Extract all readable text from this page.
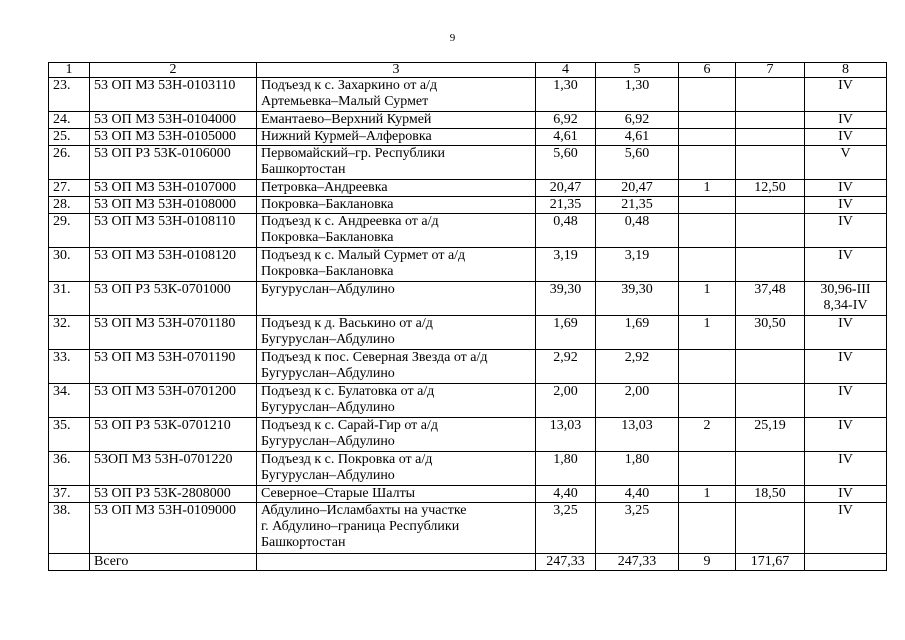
9
1	2	3	4	5	6	7	8
23.	53 ОП МЗ 53Н-0103110	Подъезд к с. Захаркино от а/д
Артемьевка–Малый Сурмет	1,30	1,30			IV

24.	53 ОП МЗ 53Н-0104000	Емантаево–Верхний Курмей	6,92	6,92			IV

25.	53 ОП МЗ 53Н-0105000	Нижний Курмей–Алферовка	4,61	4,61			IV

26.	53 ОП РЗ 53К-0106000	Первомайский–гр. Республики
Башкортостан	5,60	5,60			V

27.	53 ОП МЗ 53Н-0107000	Петровка–Андреевка	20,47	20,47	1	12,50	IV

28.	53 ОП МЗ 53Н-0108000	Покровка–Баклановка	21,35	21,35			IV

29.	53 ОП МЗ 53Н-0108110	Подъезд к с. Андреевка от а/д
Покровка–Баклановка	0,48	0,48			IV

30.	53 ОП МЗ 53Н-0108120	Подъезд к с. Малый Сурмет от а/д
Покровка–Баклановка	3,19	3,19			IV

31.	53 ОП РЗ 53К-0701000	Бугуруслан–Абдулино	39,30	39,30	1	37,48	30,96-III
8,34-IV

32.	53 ОП МЗ 53Н-0701180	Подъезд к д. Васькино от а/д
Бугуруслан–Абдулино	1,69	1,69	1	30,50	IV

33.	53 ОП МЗ 53Н-0701190	Подъезд к пос. Северная Звезда от а/д
Бугуруслан–Абдулино	2,92	2,92			IV

34.	53 ОП МЗ 53Н-0701200	Подъезд к с. Булатовка от а/д
Бугуруслан–Абдулино	2,00	2,00			IV

35.	53 ОП РЗ 53К-0701210	Подъезд к с. Сарай-Гир от а/д
Бугуруслан–Абдулино	13,03	13,03	2	25,19	IV

36.	53ОП МЗ 53Н-0701220	Подъезд к с. Покровка от а/д
Бугуруслан–Абдулино	1,80	1,80			IV

37.	53 ОП РЗ 53К-2808000	Северное–Старые Шалты	4,40	4,40	1	18,50	IV

38.	53 ОП МЗ 53Н-0109000	Абдулино–Исламбахты на участке
г. Абдулино–граница Республики
Башкортостан	3,25	3,25			IV

	Всего		247,33	247,33	9	171,67	
